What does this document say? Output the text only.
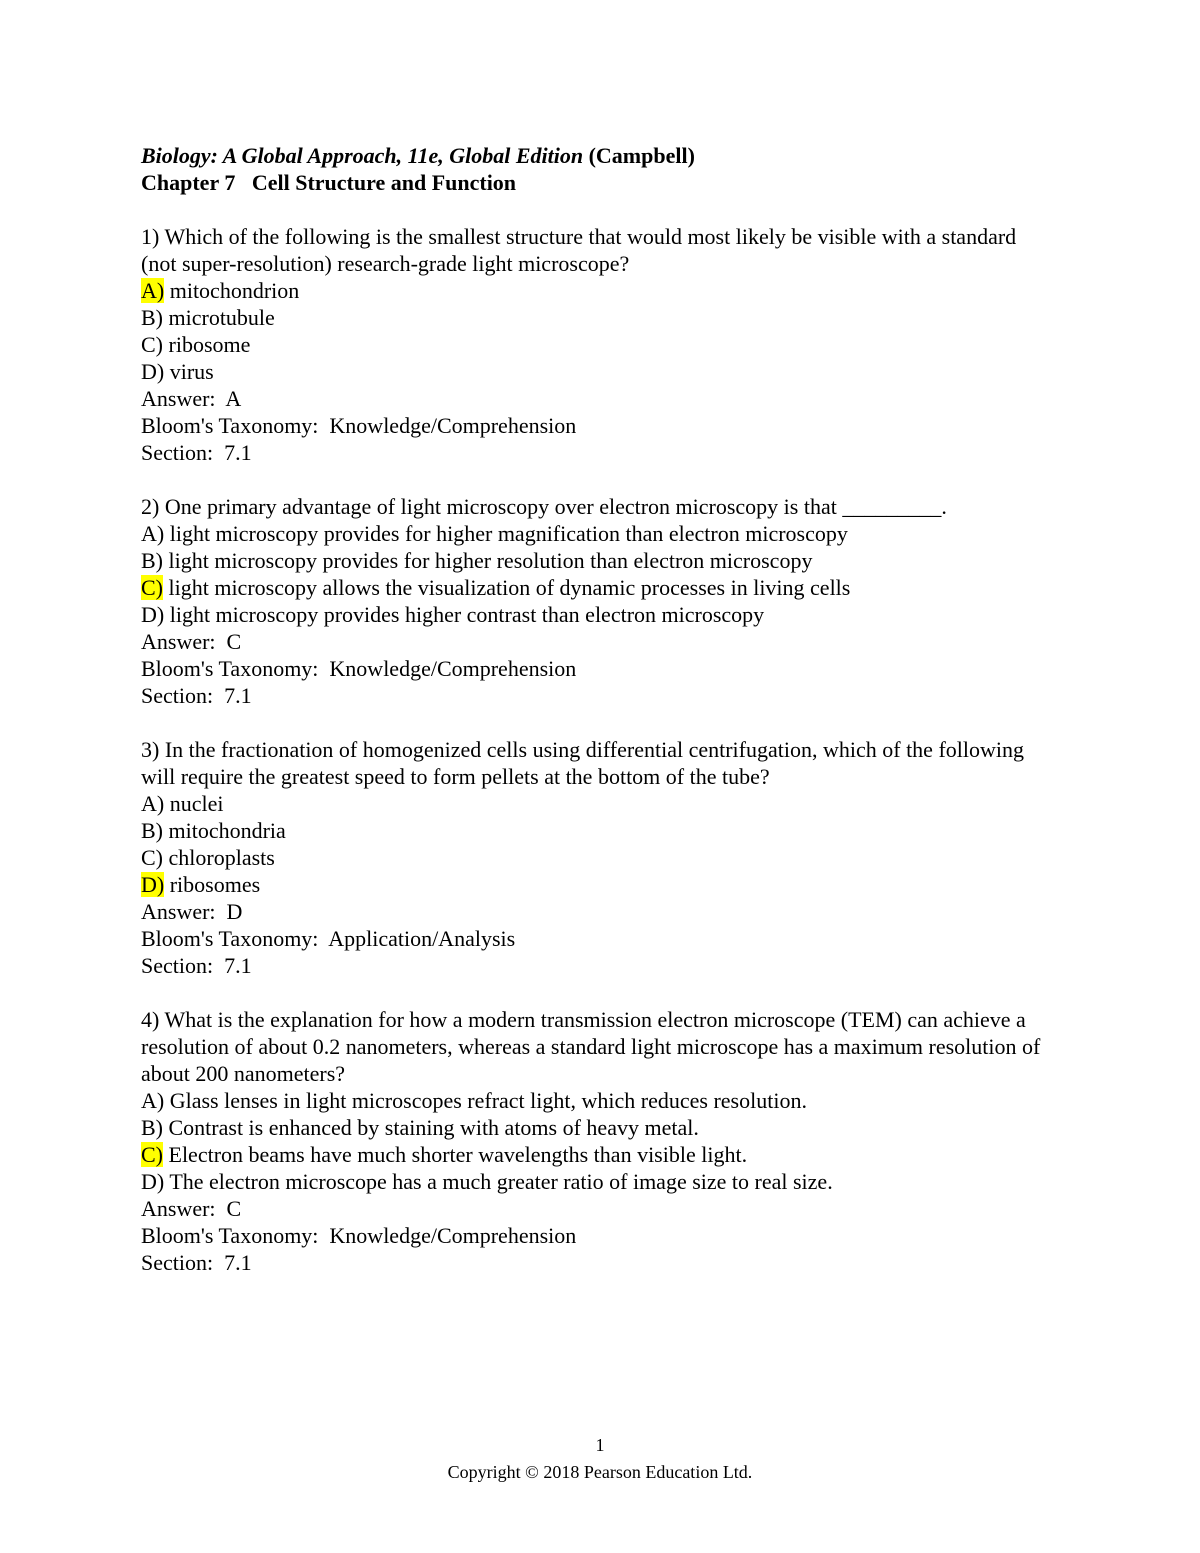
Biology: A Global Approach, 11e, Global Edition (Campbell)
Chapter 7 Cell Structure and Function
1) Which of the following is the smallest structure that would most likely be visible with a standard (not super-resolution) research-grade light microscope?
A) mitochondrion
B) microtubule
C) ribosome
D) virus
Answer:  A
Bloom's Taxonomy:  Knowledge/Comprehension
Section:  7.1
2) One primary advantage of light microscopy over electron microscopy is that _________.
A) light microscopy provides for higher magnification than electron microscopy
B) light microscopy provides for higher resolution than electron microscopy
C) light microscopy allows the visualization of dynamic processes in living cells
D) light microscopy provides higher contrast than electron microscopy
Answer:  C
Bloom's Taxonomy:  Knowledge/Comprehension
Section:  7.1
3) In the fractionation of homogenized cells using differential centrifugation, which of the following will require the greatest speed to form pellets at the bottom of the tube?
A) nuclei
B) mitochondria
C) chloroplasts
D) ribosomes
Answer:  D
Bloom's Taxonomy:  Application/Analysis
Section:  7.1
4) What is the explanation for how a modern transmission electron microscope (TEM) can achieve a resolution of about 0.2 nanometers, whereas a standard light microscope has a maximum resolution of about 200 nanometers?
A) Glass lenses in light microscopes refract light, which reduces resolution.
B) Contrast is enhanced by staining with atoms of heavy metal.
C) Electron beams have much shorter wavelengths than visible light.
D) The electron microscope has a much greater ratio of image size to real size.
Answer:  C
Bloom's Taxonomy:  Knowledge/Comprehension
Section:  7.1
1
Copyright © 2018 Pearson Education Ltd.
